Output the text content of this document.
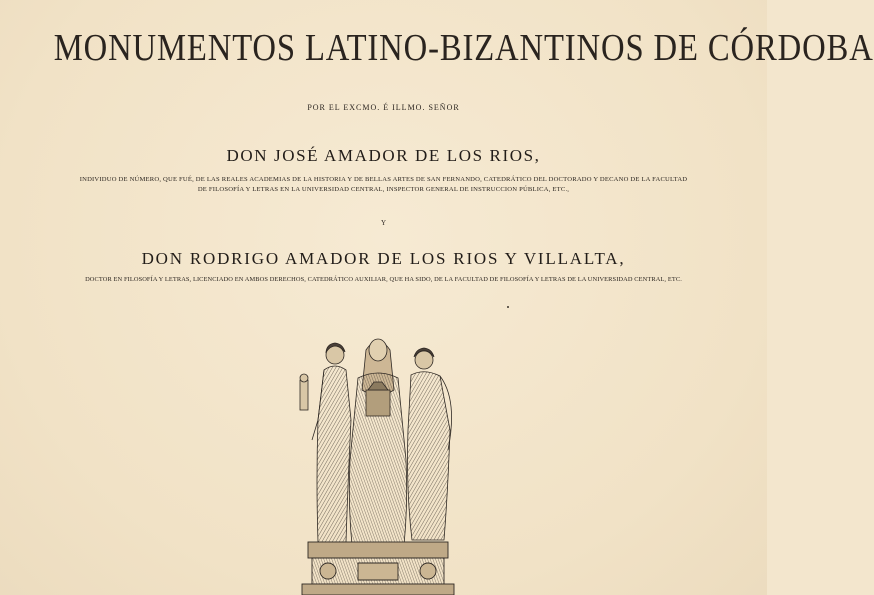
MONUMENTOS LATINO-BIZANTINOS DE CÓRDOBA
POR EL EXCMO. É ILLMO. SEÑOR
DON JOSÉ AMADOR DE LOS RIOS,
INDIVIDUO DE NÚMERO, QUE FUÉ, DE LAS REALES ACADEMIAS DE LA HISTORIA Y DE BELLAS ARTES DE SAN FERNANDO, CATEDRÁTICO DEL DOCTORADO Y DECANO DE LA FACULTAD
DE FILOSOFÍA Y LETRAS EN LA UNIVERSIDAD CENTRAL, INSPECTOR GENERAL DE INSTRUCCION PÚBLICA, ETC.,
Y
DON RODRIGO AMADOR DE LOS RIOS Y VILLALTA,
DOCTOR EN FILOSOFÍA Y LETRAS, LICENCIADO EN AMBOS DERECHOS, CATEDRÁTICO AUXILIAR, QUE HA SIDO, DE LA FACULTAD DE FILOSOFÍA Y LETRAS DE LA UNIVERSIDAD CENTRAL, ETC.
